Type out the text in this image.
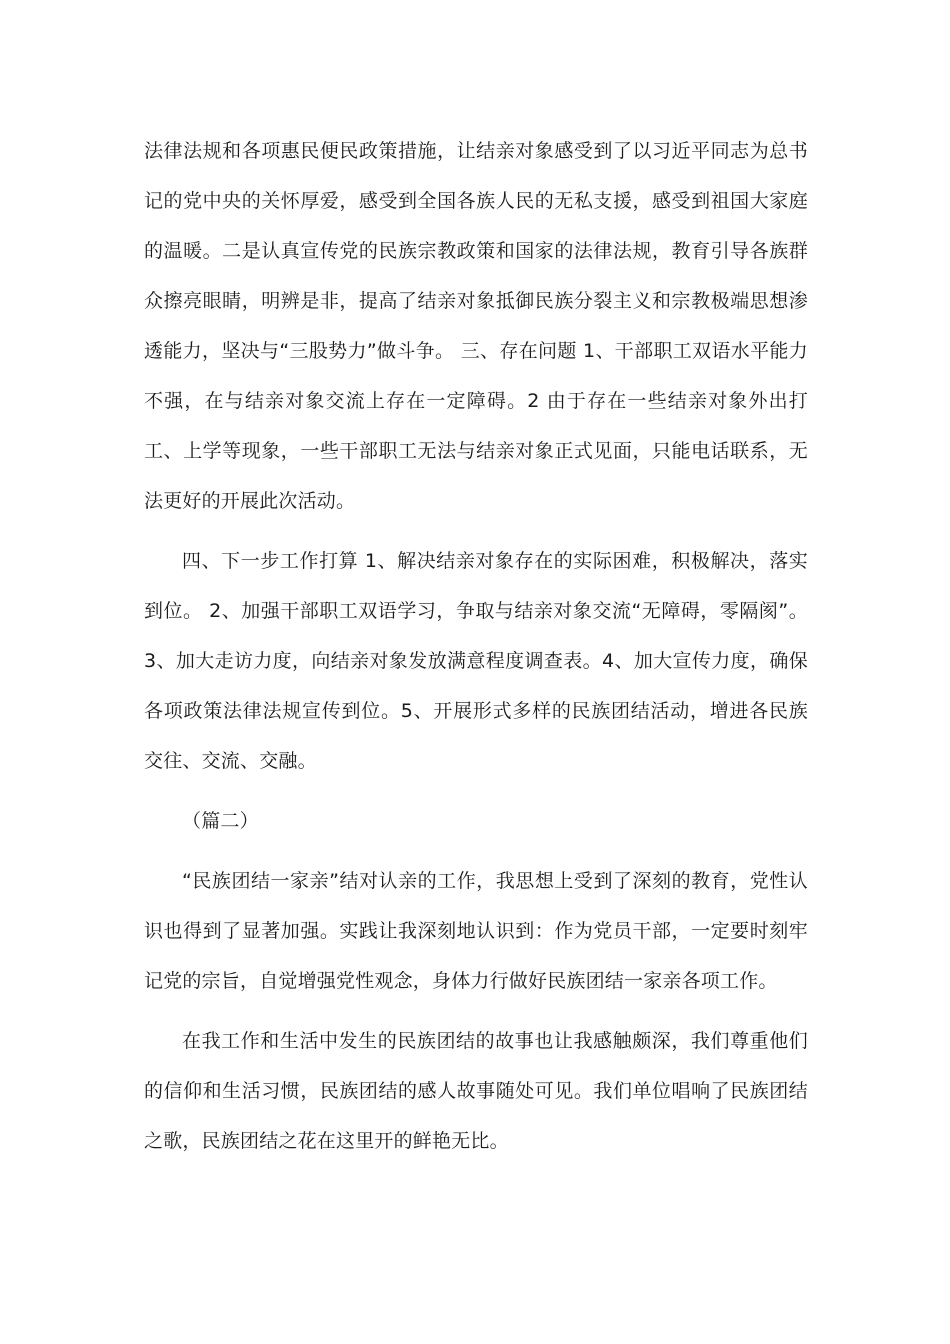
法律法规和各项惠民便民政策措施，让结亲对象感受到了以习近平同志为总书记的党中央的关怀厚爱，感受到全国各族人民的无私支援，感受到祖国大家庭的温暖。二是认真宣传党的民族宗教政策和国家的法律法规，教育引导各族群众擦亮眼睛，明辨是非，提高了结亲对象抵御民族分裂主义和宗教极端思想渗透能力，坚决与“三股势力”做斗争。 三、存在问题 1、干部职工双语水平能力不强，在与结亲对象交流上存在一定障碍。2 由于存在一些结亲对象外出打工、上学等现象，一些干部职工无法与结亲对象正式见面，只能电话联系，无法更好的开展此次活动。

四、下一步工作打算 1、解决结亲对象存在的实际困难，积极解决，落实到位。 2、加强干部职工双语学习，争取与结亲对象交流“无障碍，零隔阂”。3、加大走访力度，向结亲对象发放满意程度调查表。4、加大宣传力度，确保各项政策法律法规宣传到位。5、开展形式多样的民族团结活动，增进各民族交往、交流、交融。

（篇二）

“民族团结一家亲”结对认亲的工作，我思想上受到了深刻的教育，党性认识也得到了显著加强。实践让我深刻地认识到：作为党员干部，一定要时刻牢记党的宗旨，自觉增强党性观念，身体力行做好民族团结一家亲各项工作。

在我工作和生活中发生的民族团结的故事也让我感触颇深，我们尊重他们的信仰和生活习惯，民族团结的感人故事随处可见。我们单位唱响了民族团结之歌，民族团结之花在这里开的鲜艳无比。
